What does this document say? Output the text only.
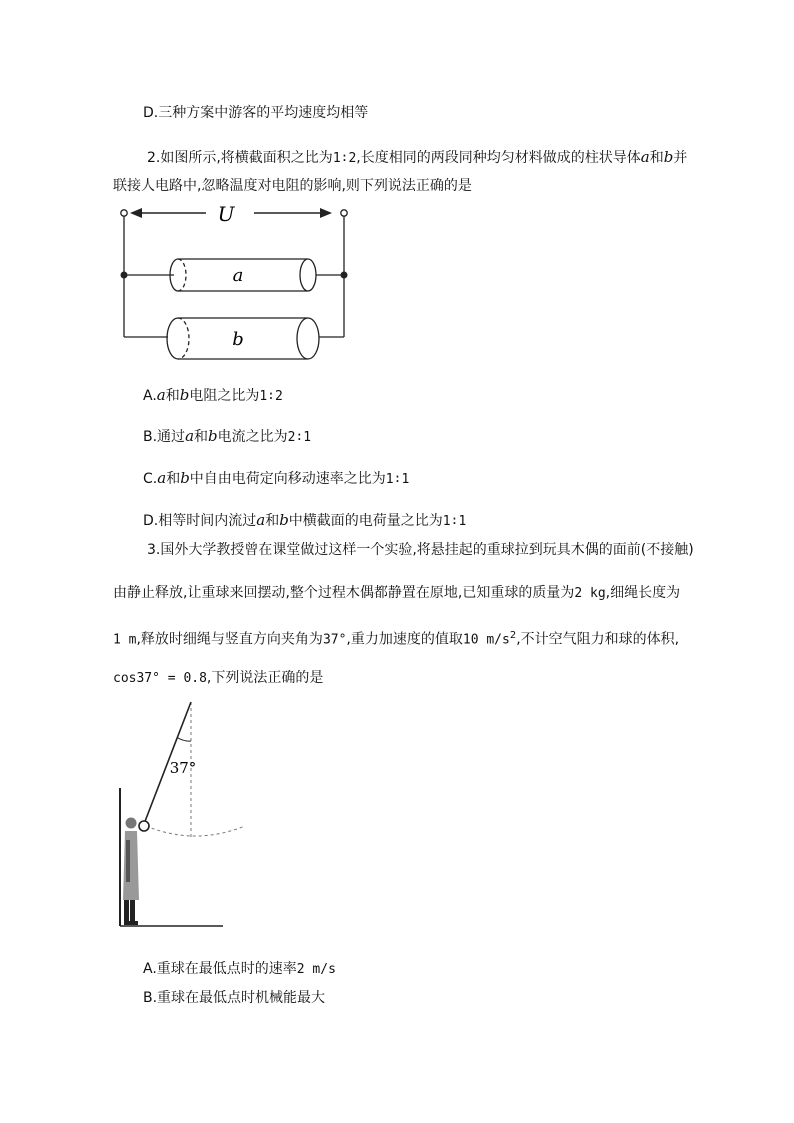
D.三种方案中游客的平均速度均相等
2.如图所示,将横截面积之比为1∶2,长度相同的两段同种均匀材料做成的柱状导体a和b并
联接人电路中,忽略温度对电阻的影响,则下列说法正确的是
U
a
b
A.a和b电阻之比为1∶2
B.通过a和b电流之比为2∶1
C.a和b中自由电荷定向移动速率之比为1∶1
D.相等时间内流过a和b中横截面的电荷量之比为1∶1
3.国外大学教授曾在课堂做过这样一个实验,将悬挂起的重球拉到玩具木偶的面前(不接触)
由静止释放,让重球来回摆动,整个过程木偶都静置在原地,已知重球的质量为2 kg,细绳长度为
1 m,释放时细绳与竖直方向夹角为37°,重力加速度的值取10 $m/s^2$,不计空气阻力和球的体积,
cos37° = 0.8,下列说法正确的是
37°
A.重球在最低点时的速率2 m/s
B.重球在最低点时机械能最大
